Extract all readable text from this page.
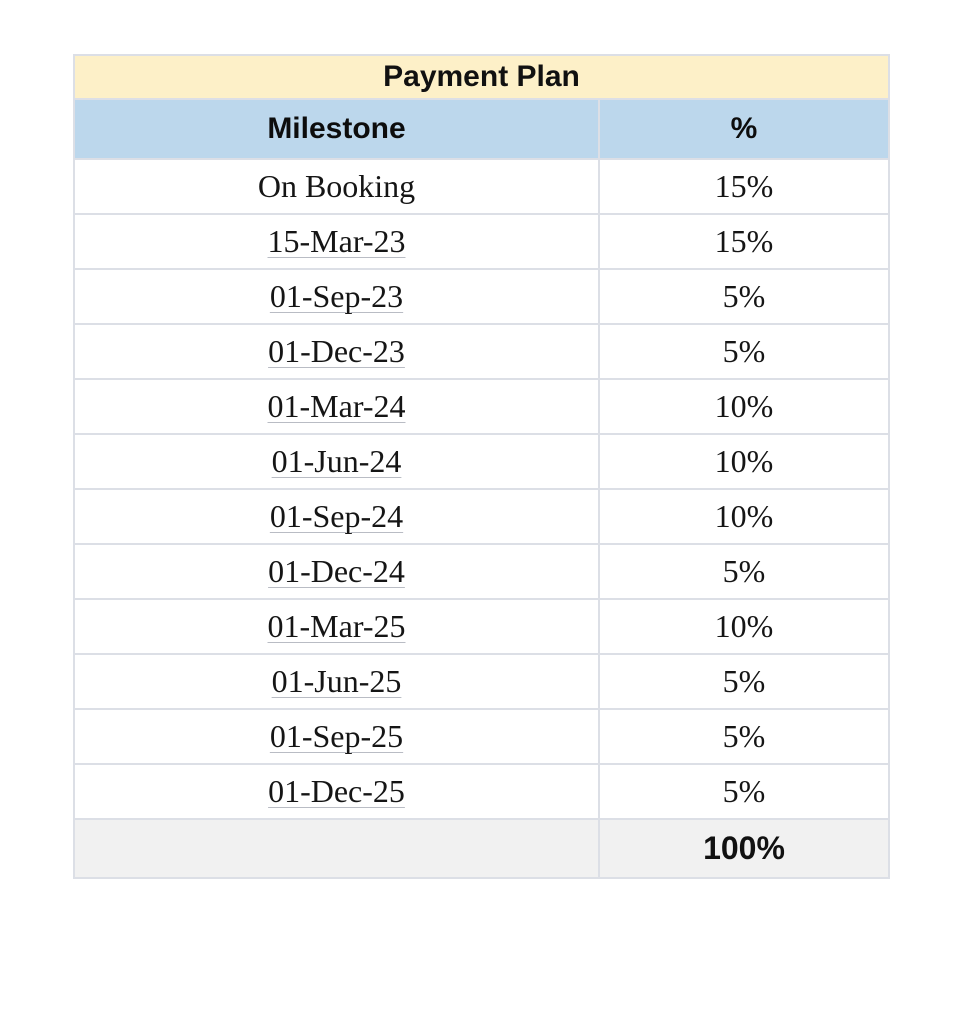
Payment Plan	
Milestone	%
On Booking	15%
15-Mar-23	15%
01-Sep-23	5%
01-Dec-23	5%
01-Mar-24	10%
01-Jun-24	10%
01-Sep-24	10%
01-Dec-24	5%
01-Mar-25	10%
01-Jun-25	5%
01-Sep-25	5%
01-Dec-25	5%
	100%
